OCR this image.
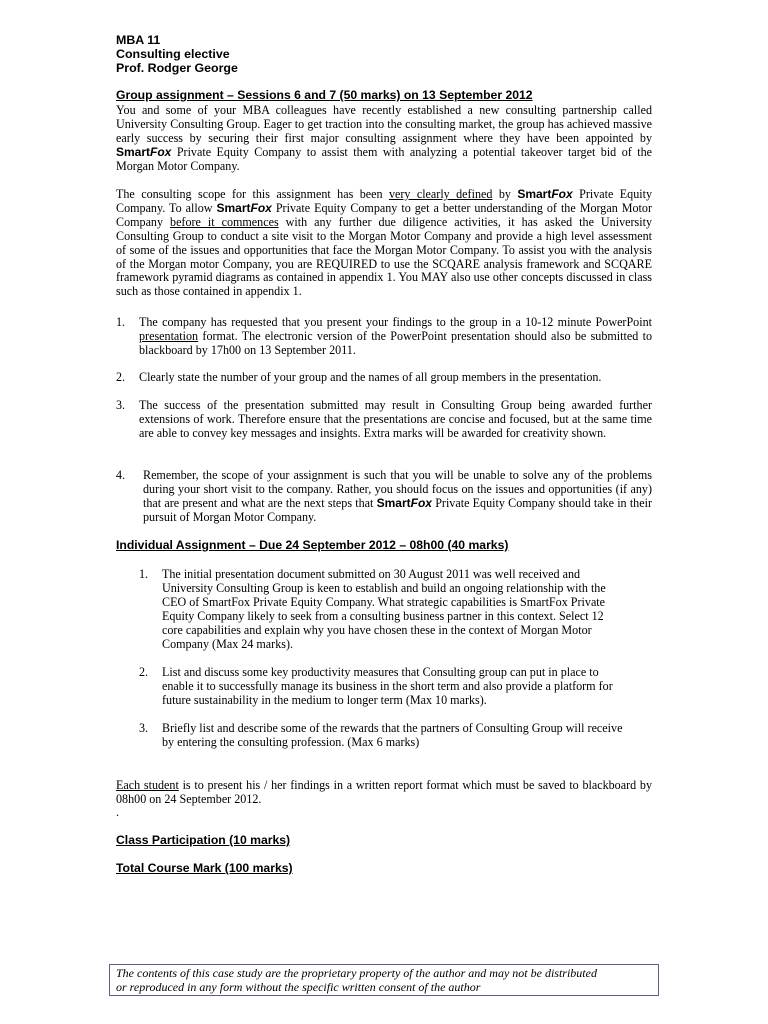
MBA 11
Consulting elective
Prof. Rodger George
Group assignment – Sessions 6 and 7 (50 marks) on 13 September 2012
You and some of your MBA colleagues have recently established a new consulting partnership called University Consulting Group. Eager to get traction into the consulting market, the group has achieved massive early success by securing their first major consulting assignment where they have been appointed by SmartFox Private Equity Company to assist them with analyzing a potential takeover target bid of the Morgan Motor Company.
The consulting scope for this assignment has been very clearly defined by SmartFox Private Equity Company. To allow SmartFox Private Equity Company to get a better understanding of the Morgan Motor Company before it commences with any further due diligence activities, it has asked the University Consulting Group to conduct a site visit to the Morgan Motor Company and provide a high level assessment of some of the issues and opportunities that face the Morgan Motor Company. To assist you with the analysis of the Morgan motor Company, you are REQUIRED to use the SCQARE analysis framework and SCQARE framework pyramid diagrams as contained in appendix 1. You MAY also use other concepts discussed in class such as those contained in appendix 1.
1. The company has requested that you present your findings to the group in a 10-12 minute PowerPoint presentation format. The electronic version of the PowerPoint presentation should also be submitted to blackboard by 17h00 on 13 September 2011.
2. Clearly state the number of your group and the names of all group members in the presentation.
3. The success of the presentation submitted may result in Consulting Group being awarded further extensions of work. Therefore ensure that the presentations are concise and focused, but at the same time are able to convey key messages and insights. Extra marks will be awarded for creativity shown.
4. Remember, the scope of your assignment is such that you will be unable to solve any of the problems during your short visit to the company. Rather, you should focus on the issues and opportunities (if any) that are present and what are the next steps that SmartFox Private Equity Company should take in their pursuit of Morgan Motor Company.
Individual Assignment – Due 24 September 2012 – 08h00 (40 marks)
1. The initial presentation document submitted on 30 August 2011 was well received and University Consulting Group is keen to establish and build an ongoing relationship with the CEO of SmartFox Private Equity Company. What strategic capabilities is SmartFox Private Equity Company likely to seek from a consulting business partner in this context. Select 12 core capabilities and explain why you have chosen these in the context of Morgan Motor Company (Max 24 marks).
2. List and discuss some key productivity measures that Consulting group can put in place to enable it to successfully manage its business in the short term and also provide a platform for future sustainability in the medium to longer term (Max 10 marks).
3. Briefly list and describe some of the rewards that the partners of Consulting Group will receive by entering the consulting profession. (Max 6 marks)
Each student is to present his / her findings in a written report format which must be saved to blackboard by 08h00 on 24 September 2012.
.
Class Participation (10 marks)
Total Course Mark (100 marks)
The contents of this case study are the proprietary property of the author and may not be distributed
or reproduced in any form without the specific written consent of the author
